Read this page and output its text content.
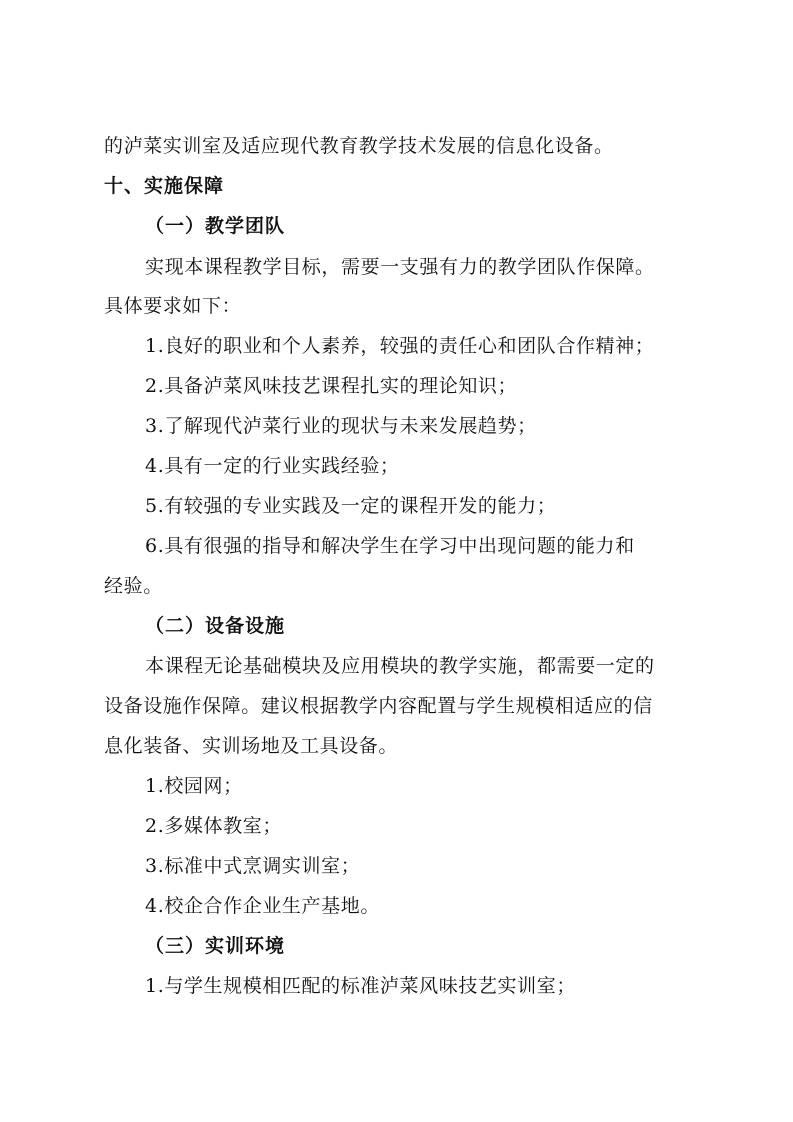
的泸菜实训室及适应现代教育教学技术发展的信息化设备。
十、实施保障
（一）教学团队
实现本课程教学目标，需要一支强有力的教学团队作保障。
具体要求如下：
1.良好的职业和个人素养，较强的责任心和团队合作精神；
2.具备泸菜风味技艺课程扎实的理论知识；
3.了解现代泸菜行业的现状与未来发展趋势；
4.具有一定的行业实践经验；
5.有较强的专业实践及一定的课程开发的能力；
6.具有很强的指导和解决学生在学习中出现问题的能力和
经验。
（二）设备设施
本课程无论基础模块及应用模块的教学实施，都需要一定的
设备设施作保障。建议根据教学内容配置与学生规模相适应的信
息化装备、实训场地及工具设备。
1.校园网；
2.多媒体教室；
3.标准中式烹调实训室；
4.校企合作企业生产基地。
（三）实训环境
1.与学生规模相匹配的标准泸菜风味技艺实训室；
